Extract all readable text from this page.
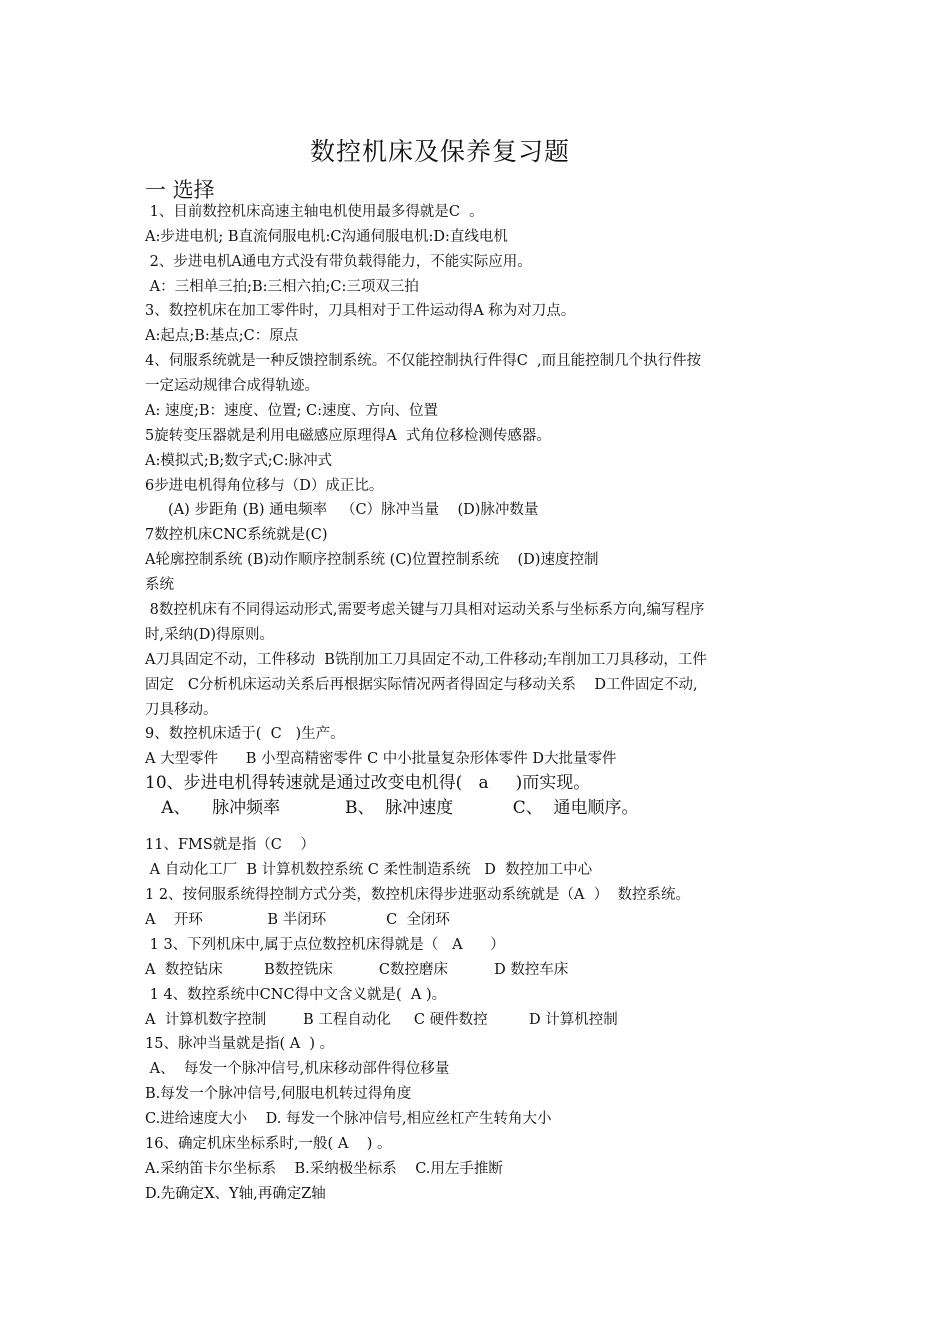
数控机床及保养复习题
一 选择
1、目前数控机床高速主轴电机使用最多得就是C  。
A:步进电机; B直流伺服电机:C沟通伺服电机:D:直线电机
2、步进电机A通电方式没有带负载得能力，不能实际应用。
A：三相单三拍;B:三相六拍;C:三项双三拍
3、数控机床在加工零件时，刀具相对于工件运动得A 称为对刀点。
A:起点;B:基点;C：原点
4、伺服系统就是一种反馈控制系统。不仅能控制执行件得C  ,而且能控制几个执行件按
一定运动规律合成得轨迹。
A: 速度;B：速度、位置; C:速度、方向、位置
5旋转变压器就是利用电磁感应原理得A  式角位移检测传感器。
A:模拟式;B;数字式;C:脉冲式
6步进电机得角位移与（D）成正比。
(A) 步距角 (B) 通电频率   （C）脉冲当量    (D)脉冲数量
7数控机床CNC系统就是(C)
A轮廓控制系统 (B)动作顺序控制系统 (C)位置控制系统    (D)速度控制
系统
8数控机床有不同得运动形式,需要考虑关键与刀具相对运动关系与坐标系方向,编写程序
时,采纳(D)得原则。
A刀具固定不动，工件移动  B铣削加工刀具固定不动,工件移动;车削加工刀具移动，工件
固定   C分析机床运动关系后再根据实际情况两者得固定与移动关系    D工件固定不动,
刀具移动。
9、数控机床适于(  C   )生产。
A 大型零件      B 小型高精密零件 C 中小批量复杂形体零件 D大批量零件
10、步进电机得转速就是通过改变电机得(   a     )而实现。
A、    脉冲频率            B、  脉冲速度           C、  通电顺序。
11、FMS就是指（C    ）
A 自动化工厂  B 计算机数控系统 C 柔性制造系统   D  数控加工中心
1 2、按伺服系统得控制方式分类，数控机床得步进驱动系统就是（A  ）  数控系统。
A    开环              B 半闭环             C  全闭环
1 3、下列机床中,属于点位数控机床得就是（   A      ）
A  数控钻床         B数控铣床          C数控磨床          D 数控车床
1 4、数控系统中CNC得中文含义就是(  A )。
A  计算机数字控制        B 工程自动化     C 硬件数控         D 计算机控制
15、脉冲当量就是指( A  ) 。
A、  每发一个脉冲信号,机床移动部件得位移量
B.每发一个脉冲信号,伺服电机转过得角度
C.进给速度大小    D. 每发一个脉冲信号,相应丝杠产生转角大小
16、确定机床坐标系时,一般( A    ) 。
A.采纳笛卡尔坐标系    B.采纳极坐标系    C.用左手推断
D.先确定X、Y轴,再确定Z轴
